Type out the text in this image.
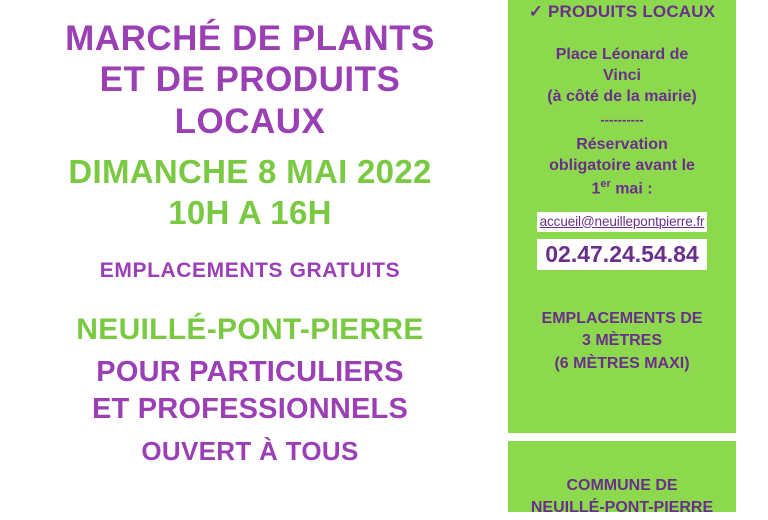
MARCHÉ DE PLANTS
ET DE PRODUITS
LOCAUX
DIMANCHE 8 MAI 2022
10H A 16H
EMPLACEMENTS GRATUITS
NEUILLÉ-PONT-PIERRE
POUR PARTICULIERS
ET PROFESSIONNELS
OUVERT À TOUS
✓ PRODUITS LOCAUX
Place Léonard de
Vinci
(à côté de la mairie)
----------
Réservation
obligatoire avant le
1er mai :
accueil@neuillepontpierre.fr 02.47.24.54.84
EMPLACEMENTS DE
3 MÈTRES
(6 MÈTRES MAXI)
COMMUNE DE
NEUILLÉ-PONT-PIERRE
